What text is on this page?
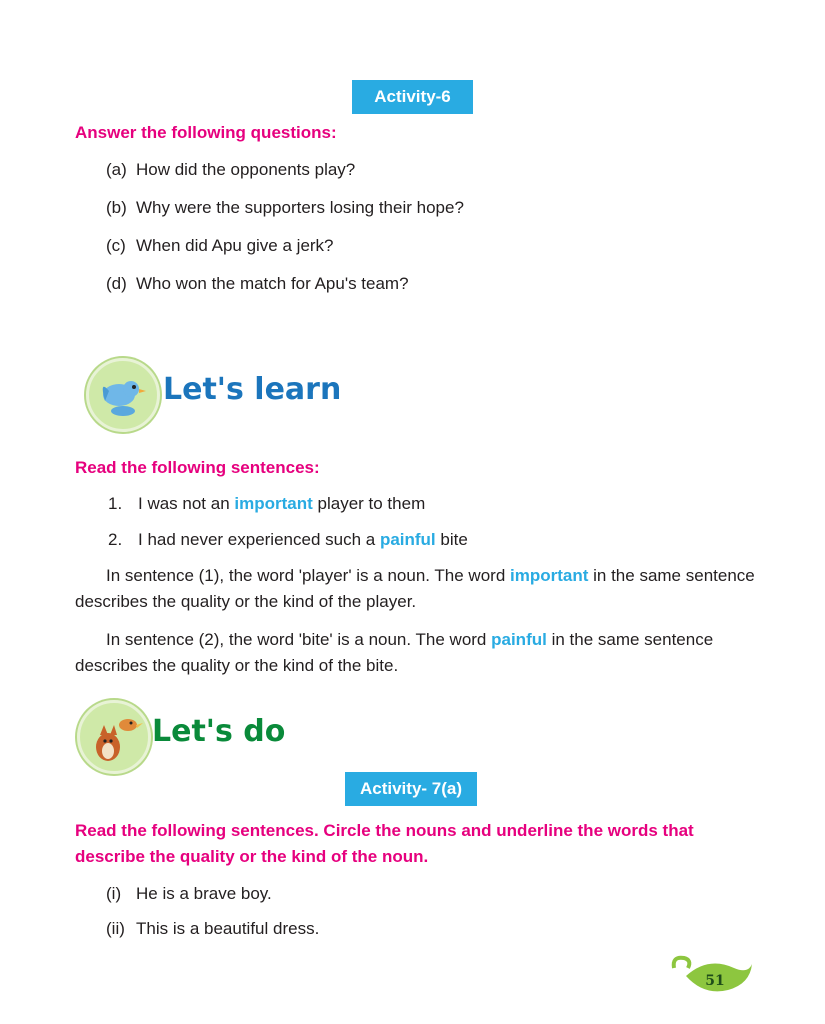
Activity-6
Answer the following questions:
(a) How did the opponents play?
(b) Why were the supporters losing their hope?
(c) When did Apu give a jerk?
(d) Who won the match for Apu's team?
Let's learn
Read the following sentences:
1. I was not an important player to them
2. I had never experienced such a painful bite
In sentence (1), the word 'player' is a noun. The word important in the same sentence describes the quality or the kind of the player.
In sentence (2), the word 'bite' is a noun. The word painful in the same sentence describes the quality or the kind of the bite.
Let's do
Activity- 7(a)
Read the following sentences. Circle the nouns and underline the words that describe the quality or the kind of the noun.
(i) He is a brave boy.
(ii) This is a beautiful dress.
51
